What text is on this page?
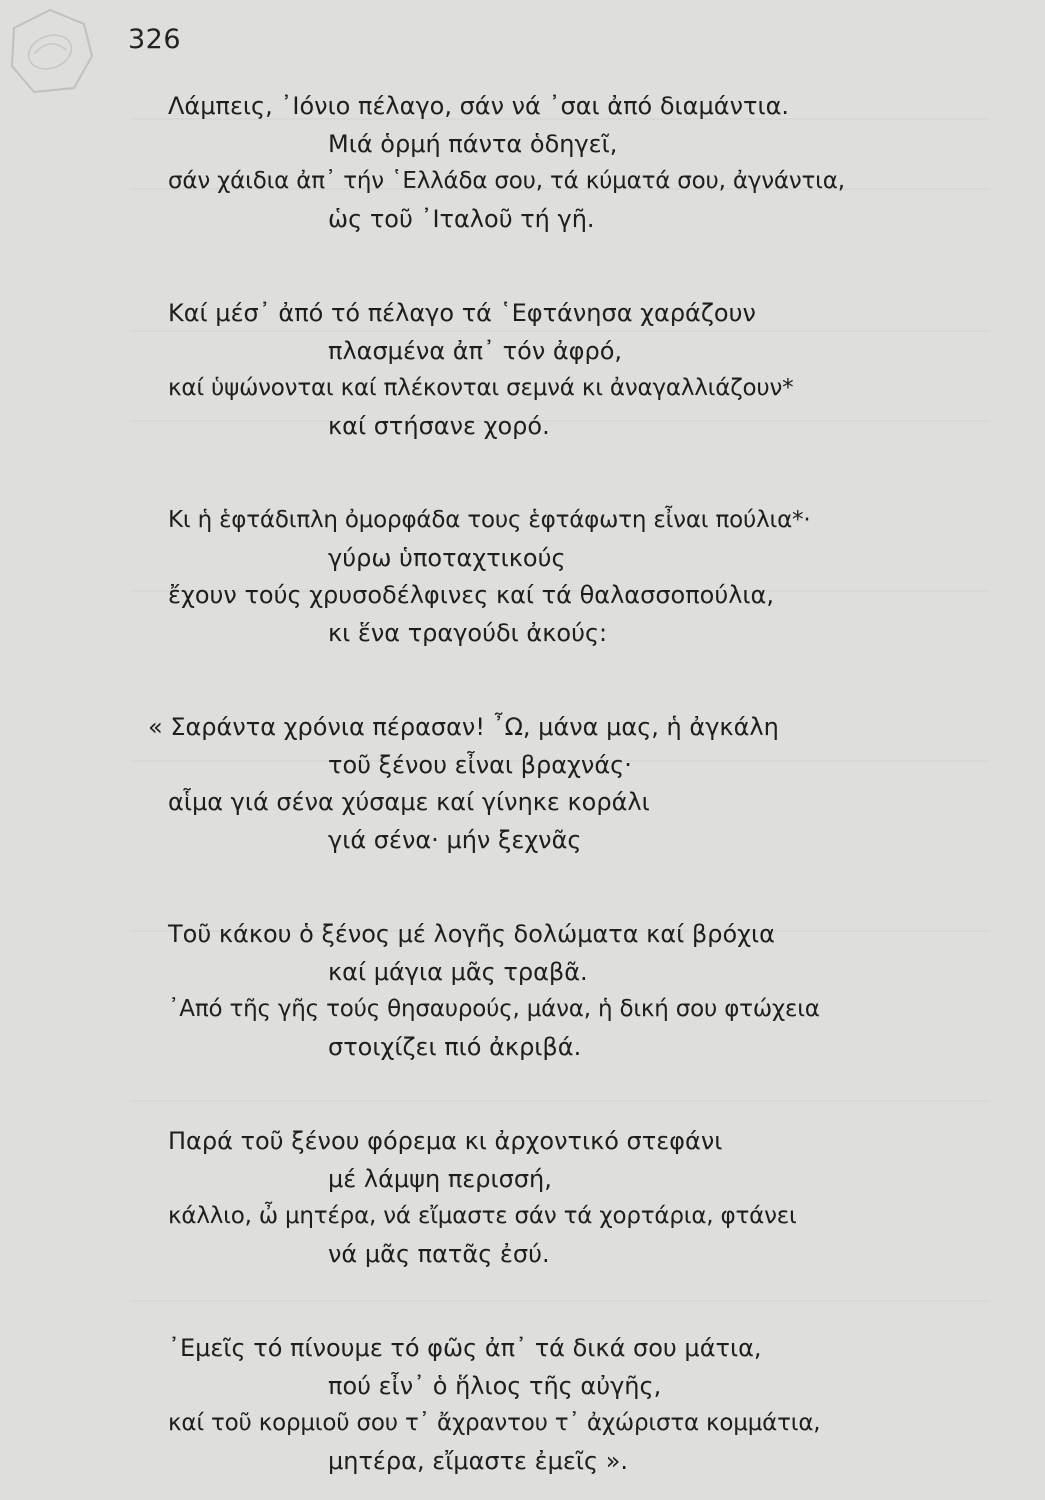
326
Λάμπεις, ᾿Ιόνιο πέλαγο, σάν νά ᾿σαι ἀπό διαμάντια.
Μιά ὁρμή πάντα ὁδηγεῖ,
σάν χάιδια ἀπ᾿ τήν ῾Ελλάδα σου, τά κύματά σου, ἀγνάντια,
ὡς τοῦ ᾿Ιταλοῦ τή γῆ.
Καί μέσ᾿ ἀπό τό πέλαγο τά ῾Εφτάνησα χαράζουν
πλασμένα ἀπ᾿ τόν ἀφρό,
καί ὑψώνονται καί πλέκονται σεμνά κι ἀναγαλλιάζουν*
καί στήσανε χορό.
Κι ἡ ἑφτάδιπλη ὀμορφάδα τους ἑφτάφωτη εἶναι πούλια*·
γύρω ὑποταχτικούς
ἔχουν τούς χρυσοδέλφινες καί τά θαλασσοπούλια,
κι ἕνα τραγούδι ἀκούς:
« Σαράντα χρόνια πέρασαν! ῏Ω, μάνα μας, ἡ ἀγκάλη
τοῦ ξένου εἶναι βραχνάς·
αἷμα γιά σένα χύσαμε καί γίνηκε κοράλι
γιά σένα· μήν ξεχνᾶς
Τοῦ κάκου ὁ ξένος μέ λογῆς δολώματα καί βρόχια
καί μάγια μᾶς τραβᾶ.
᾿Από τῆς γῆς τούς θησαυρούς, μάνα, ἡ δική σου φτώχεια
στοιχίζει πιό ἀκριβά.
Παρά τοῦ ξένου φόρεμα κι ἀρχοντικό στεφάνι
μέ λάμψη περισσή,
κάλλιο, ὦ μητέρα, νά εἴμαστε σάν τά χορτάρια, φτάνει
νά μᾶς πατᾶς ἐσύ.
᾿Εμεῖς τό πίνουμε τό φῶς ἀπ᾿ τά δικά σου μάτια,
πού εἶν᾿ ὁ ἥλιος τῆς αὐγῆς,
καί τοῦ κορμιοῦ σου τ᾿ ἄχραντου τ᾿ ἀχώριστα κομμάτια,
μητέρα, εἴμαστε ἐμεῖς ».
